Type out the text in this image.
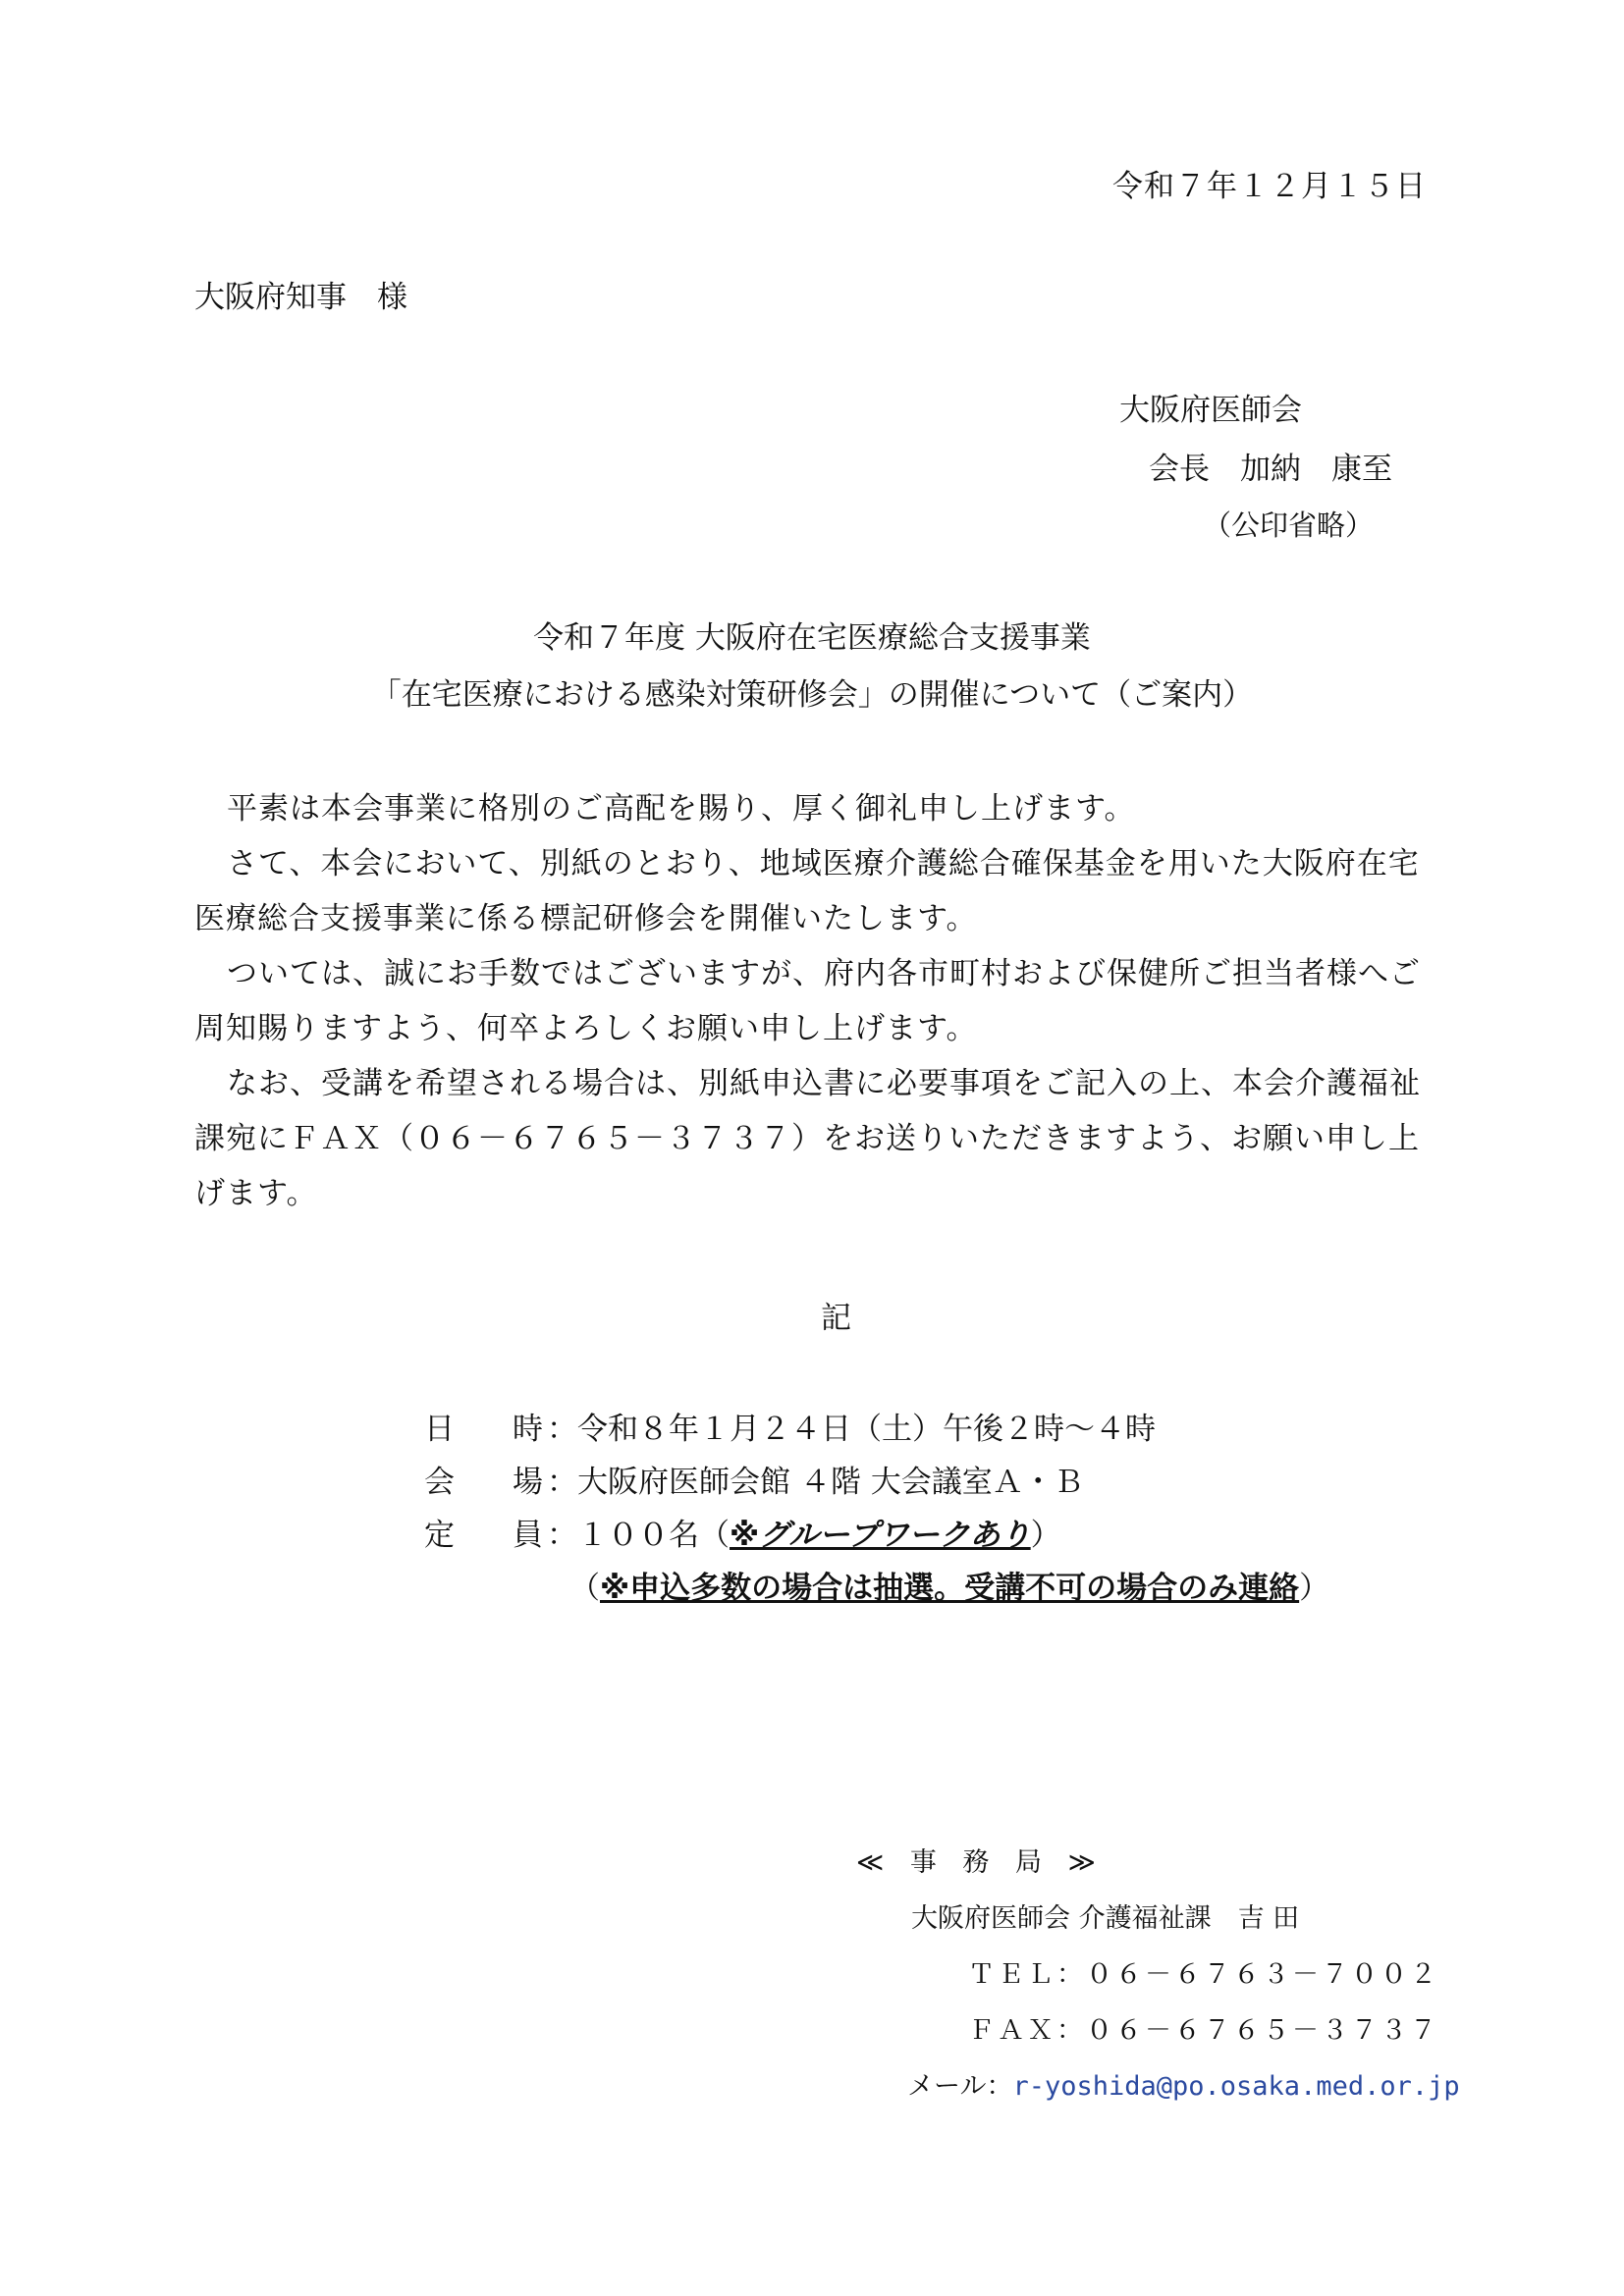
令和７年１２月１５日
大阪府知事　様
大阪府医師会
会長　加納　康至
（公印省略）
令和７年度 大阪府在宅医療総合支援事業
「在宅医療における感染対策研修会」の開催について（ご案内）

平素は本会事業に格別のご高配を賜り、厚く御礼申し上げます。

さて、本会において、別紙のとおり、地域医療介護総合確保基金を用いた大阪府在宅医療総合支援事業に係る標記研修会を開催いたします。

ついては、誠にお手数ではございますが、府内各市町村および保健所ご担当者様へご周知賜りますよう、何卒よろしくお願い申し上げます。

なお、受講を希望される場合は、別紙申込書に必要事項をご記入の上、本会介護福祉課宛にＦＡＸ（０６－６７６５－３７３７）をお送りいただきますよう、お願い申し上げます。

記
日　時：令和８年１月２４日（土）午後２時～４時
会　場：大阪府医師会館 ４階 大会議室Ａ・Ｂ
定　員：１００名（※グループワークあり）
（※申込多数の場合は抽選。受講不可の場合のみ連絡）
≪ 事 務 局 ≫
大阪府医師会 介護福祉課　吉 田
ＴＥＬ：０６－６７６３－７００２
ＦＡＸ：０６－６７６５－３７３７
メール：r-yoshida@po.osaka.med.or.jp
